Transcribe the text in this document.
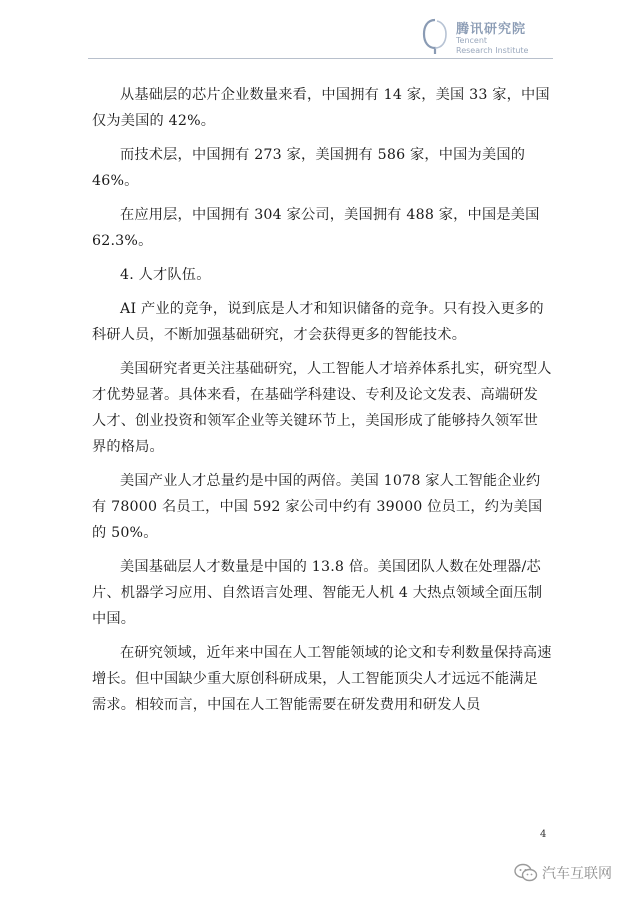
腾讯研究院
Tencent
Research Institute

从基础层的芯片企业数量来看，中国拥有 14 家，美国 33 家，中国仅为美国的 42%。

而技术层，中国拥有 273 家，美国拥有 586 家，中国为美国的 46%。

在应用层，中国拥有 304 家公司，美国拥有 488 家，中国是美国 62.3%。

4. 人才队伍。

AI 产业的竞争，说到底是人才和知识储备的竞争。只有投入更多的科研人员，不断加强基础研究，才会获得更多的智能技术。

美国研究者更关注基础研究，人工智能人才培养体系扎实，研究型人才优势显著。具体来看，在基础学科建设、专利及论文发表、高端研发人才、创业投资和领军企业等关键环节上，美国形成了能够持久领军世界的格局。

美国产业人才总量约是中国的两倍。美国 1078 家人工智能企业约有 78000 名员工，中国 592 家公司中约有 39000 位员工，约为美国的 50%。

美国基础层人才数量是中国的 13.8 倍。美国团队人数在处理器/芯片、机器学习应用、自然语言处理、智能无人机 4 大热点领域全面压制中国。

在研究领域，近年来中国在人工智能领域的论文和专利数量保持高速增长。但中国缺少重大原创科研成果，人工智能顶尖人才远远不能满足需求。相较而言，中国在人工智能需要在研发费用和研发人员

4
汽车互联网
